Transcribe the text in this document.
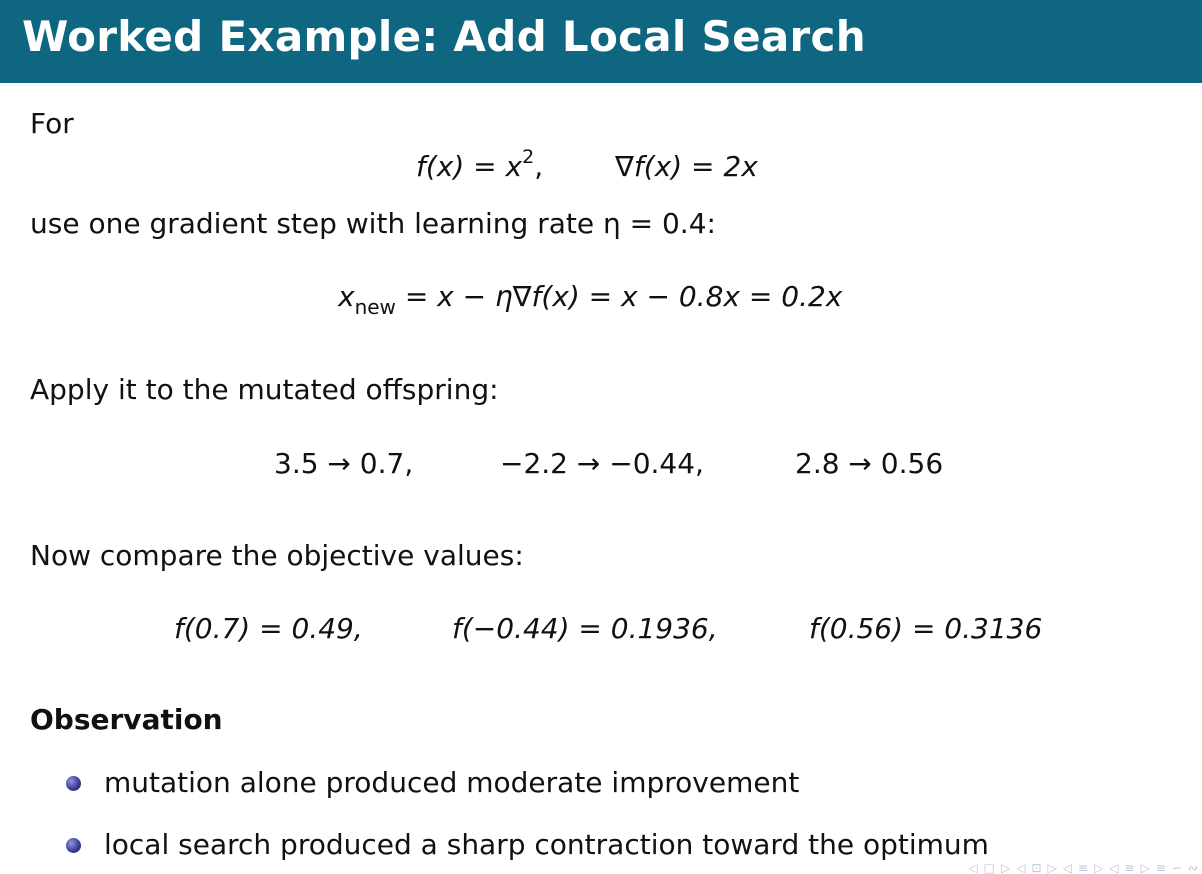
Worked Example: Add Local Search
For
$f(x) = x^2$,	∇f(x) = 2x
use one gradient step with learning rate η = 0.4:
$x_{new} = x - \eta\nabla f(x) = x - 0.8x = 0.2x$
Apply it to the mutated offspring:
3.5 → 0.7,	−2.2 → −0.44,	2.8 → 0.56
Now compare the objective values:
f(0.7) = 0.49,	f(−0.44) = 0.1936,	f(0.56) = 0.3136
Observation
mutation alone produced moderate improvement
local search produced a sharp contraction toward the optimum
◁ □ ▷ ◁ ⊡ ▷ ◁ ≡ ▷ ◁ ≡ ▷ ≡ ∽ ∾
